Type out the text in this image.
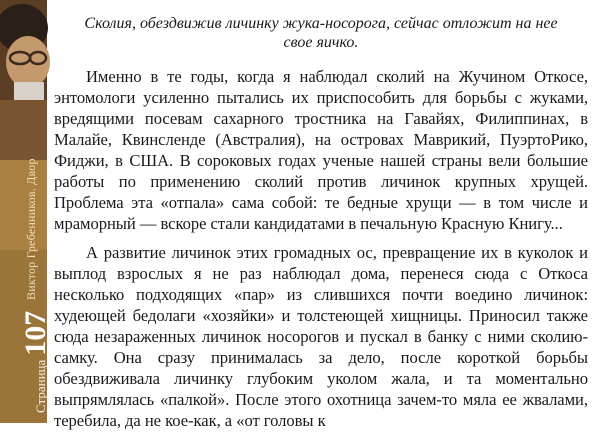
Виктор Гребенников. Двор
Страница
107

Сколия, обездвижив личинку жука-носорога, сейчас отложит на нее свое яичко.

Именно в те годы, когда я наблюдал сколий на Жучином Откосе, энтомологи усиленно пытались их приспособить для борьбы с жуками, вредящими посевам сахарного тростника на Гавайях, Филиппинах, в Малайе, Квинсленде (Австралия), на островах Маврикий, ПуэртоРико, Фиджи, в США. В сороковых годах ученые нашей страны вели большие работы по применению сколий против личинок крупных хрущей. Проблема эта «отпала» сама собой: те бедные хрущи — в том числе и мраморный — вскоре стали кандидатами в печальную Красную Книгу...

А развитие личинок этих громадных ос, превращение их в куколок и выплод взрослых я не раз наблюдал дома, перенеся сюда с Откоса несколько подходящих «пар» из слившихся почти воедино личинок: худеющей бедолаги «хозяйки» и толстеющей хищницы. Приносил также сюда незараженных личинок носорогов и пускал в банку с ними сколию-самку. Она сразу принималась за дело, после короткой борьбы обездвиживала личинку глубоким уколом жала, и та моментально выпрямлялась «палкой». После этого охотница зачем-то мяла ее жвалами, теребила, да не кое-как, а «от головы к
